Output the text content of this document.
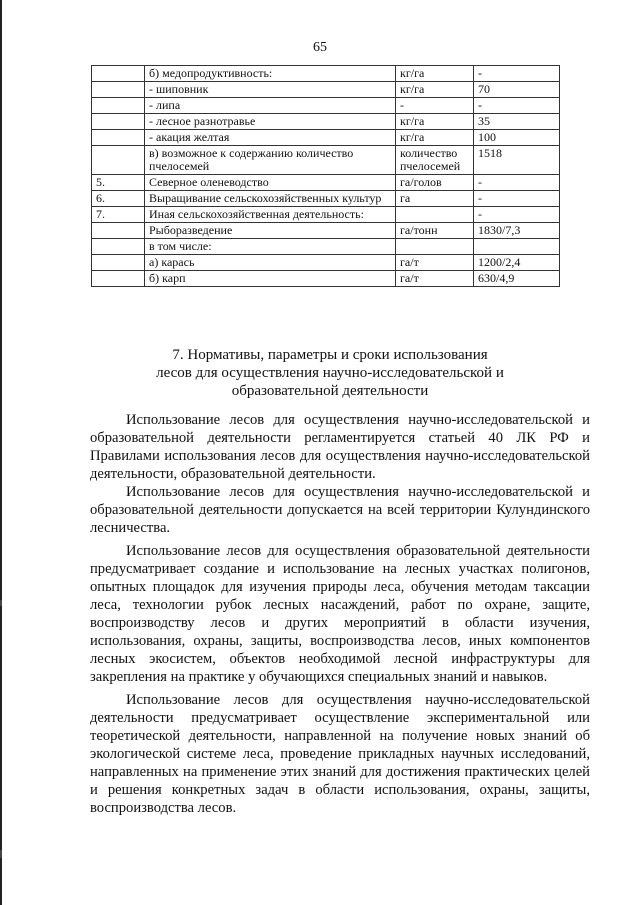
65
	б) медопродуктивность:	кг/га	-
	- шиповник	кг/га	70
	- липа	-	-
	- лесное разнотравье	кг/га	35
	- акация желтая	кг/га	100
	в) возможное к содержанию количество пчелосемей	количество пчелосемей	1518
5.	Северное оленеводство	га/голов	-
6.	Выращивание сельскохозяйственных культур	га	-
7.	Иная сельскохозяйственная деятельность:		-
	Рыборазведение	га/тонн	1830/7,3
	в том числе:		
	а) карась	га/т	1200/2,4
	б) карп	га/т	630/4,9
7. Нормативы, параметры и сроки использования
лесов для осуществления научно-исследовательской и
образовательной деятельности

Использование лесов для осуществления научно-исследовательской и образовательной деятельности регламентируется статьей 40 ЛК РФ и Правилами использования лесов для осуществления научно-исследовательской деятельности, образовательной деятельности.

Использование лесов для осуществления научно-исследовательской и образовательной деятельности допускается на всей территории Кулундинского лесничества.

Использование лесов для осуществления образовательной деятельности предусматривает создание и использование на лесных участках полигонов, опытных площадок для изучения природы леса, обучения методам таксации леса, технологии рубок лесных насаждений, работ по охране, защите, воспроизводству лесов и других мероприятий в области изучения, использования, охраны, защиты, воспроизводства лесов, иных компонентов лесных экосистем, объектов необходимой лесной инфраструктуры для закрепления на практике у обучающихся специальных знаний и навыков.

Использование лесов для осуществления научно-исследовательской деятельности предусматривает осуществление экспериментальной или теоретической деятельности, направленной на получение новых знаний об экологической системе леса, проведение прикладных научных исследований, направленных на применение этих знаний для достижения практических целей и решения конкретных задач в области использования, охраны, защиты, воспроизводства лесов.
